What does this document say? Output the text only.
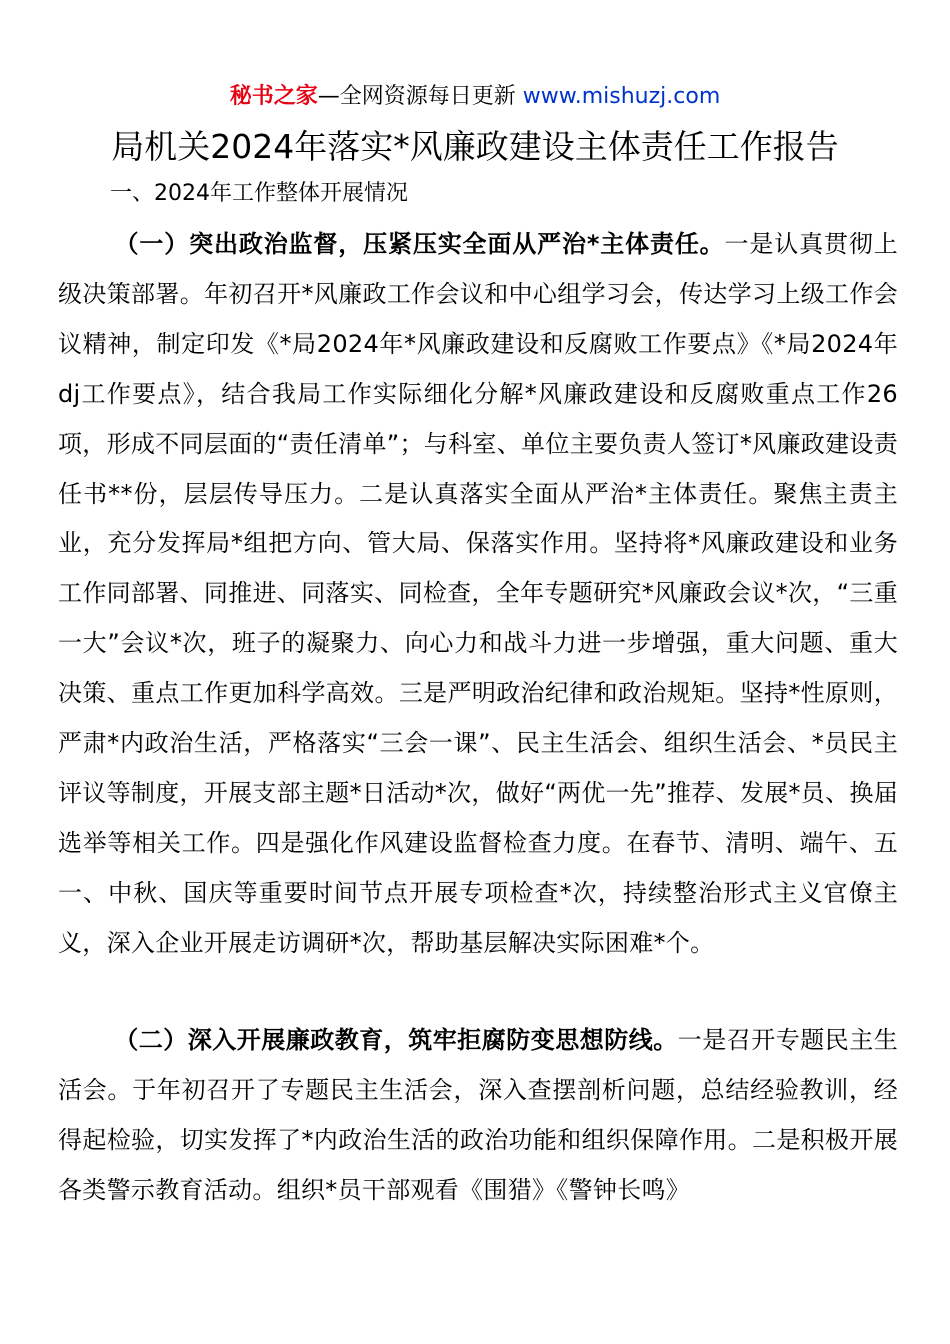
秘书之家—全网资源每日更新 www.mishuzj.com
局机关2024年落实*风廉政建设主体责任工作报告
一、2024年工作整体开展情况
（一）突出政治监督，压紧压实全面从严治*主体责任。一是认真贯彻上级决策部署。年初召开*风廉政工作会议和中心组学习会，传达学习上级工作会议精神，制定印发《*局2024年*风廉政建设和反腐败工作要点》《*局2024年dj工作要点》，结合我局工作实际细化分解*风廉政建设和反腐败重点工作26项，形成不同层面的“责任清单”；与科室、单位主要负责人签订*风廉政建设责任书**份，层层传导压力。二是认真落实全面从严治*主体责任。聚焦主责主业，充分发挥局*组把方向、管大局、保落实作用。坚持将*风廉政建设和业务工作同部署、同推进、同落实、同检查，全年专题研究*风廉政会议*次，“三重一大”会议*次，班子的凝聚力、向心力和战斗力进一步增强，重大问题、重大决策、重点工作更加科学高效。三是严明政治纪律和政治规矩。坚持*性原则，严肃*内政治生活，严格落实“三会一课”、民主生活会、组织生活会、*员民主评议等制度，开展支部主题*日活动*次，做好“两优一先”推荐、发展*员、换届选举等相关工作。四是强化作风建设监督检查力度。在春节、清明、端午、五一、中秋、国庆等重要时间节点开展专项检查*次，持续整治形式主义官僚主义，深入企业开展走访调研*次，帮助基层解决实际困难*个。
（二）深入开展廉政教育，筑牢拒腐防变思想防线。一是召开专题民主生活会。于年初召开了专题民主生活会，深入查摆剖析问题，总结经验教训，经得起检验，切实发挥了*内政治生活的政治功能和组织保障作用。二是积极开展各类警示教育活动。组织*员干部观看《围猎》《警钟长鸣》
